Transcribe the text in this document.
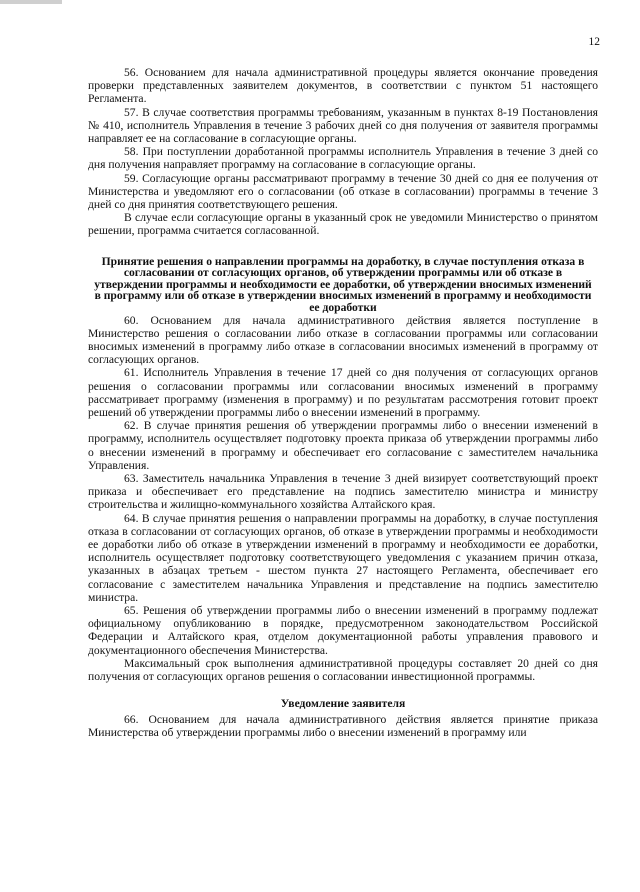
12

56. Основанием для начала административной процедуры является окончание проведения проверки представленных заявителем документов, в соответствии с пунктом 51 настоящего Регламента.

57. В случае соответствия программы требованиям, указанным в пунктах 8-19 Постановления № 410, исполнитель Управления в течение 3 рабочих дней со дня получения от заявителя программы направляет ее на согласование в согласующие органы.

58. При поступлении доработанной программы исполнитель Управления в течение 3 дней со дня получения направляет программу на согласование в согласующие органы.

59. Согласующие органы рассматривают программу в течение 30 дней со дня ее получения от Министерства и уведомляют его о согласовании (об отказе в согласовании) программы в течение 3 дней со дня принятия соответствующего решения.

В случае если согласующие органы в указанный срок не уведомили Министерство о принятом решении, программа считается согласованной.

Принятие решения о направлении программы на доработку, в случае поступления отказа в согласовании от согласующих органов, об утверждении программы или об отказе в утверждении программы и необходимости ее доработки, об утверждении вносимых изменений в программу или об отказе в утверждении вносимых изменений в программу и необходимости ее доработки

60. Основанием для начала административного действия является поступление в Министерство решения о согласовании либо отказе в согласовании программы или согласовании вносимых изменений в программу либо отказе в согласовании вносимых изменений в программу от согласующих органов.

61. Исполнитель Управления в течение 17 дней со дня получения от согласующих органов решения о согласовании программы или согласовании вносимых изменений в программу рассматривает программу (изменения в программу) и по результатам рассмотрения готовит проект решений об утверждении программы либо о внесении изменений в программу.

62. В случае принятия решения об утверждении программы либо о внесении изменений в программу, исполнитель осуществляет подготовку проекта приказа об утверждении программы либо о внесении изменений в программу и обеспечивает его согласование с заместителем начальника Управления.

63. Заместитель начальника Управления в течение 3 дней визирует соответствующий проект приказа и обеспечивает его представление на подпись заместителю министра и министру строительства и жилищно-коммунального хозяйства Алтайского края.

64. В случае принятия решения о направлении программы на доработку, в случае поступления отказа в согласовании от согласующих органов, об отказе в утверждении программы и необходимости ее доработки либо об отказе в утверждении изменений в программу и необходимости ее доработки, исполнитель осуществляет подготовку соответствующего уведомления с указанием причин отказа, указанных в абзацах третьем - шестом пункта 27 настоящего Регламента, обеспечивает его согласование с заместителем начальника Управления и представление на подпись заместителю министра.

65. Решения об утверждении программы либо о внесении изменений в программу подлежат официальному опубликованию в порядке, предусмотренном законодательством Российской Федерации и Алтайского края, отделом документационной работы управления правового и документационного обеспечения Министерства.

Максимальный срок выполнения административной процедуры составляет 20 дней со дня получения от согласующих органов решения о согласовании инвестиционной программы.

Уведомление заявителя

66. Основанием для начала административного действия является принятие приказа Министерства об утверждении программы либо о внесении изменений в программу или
